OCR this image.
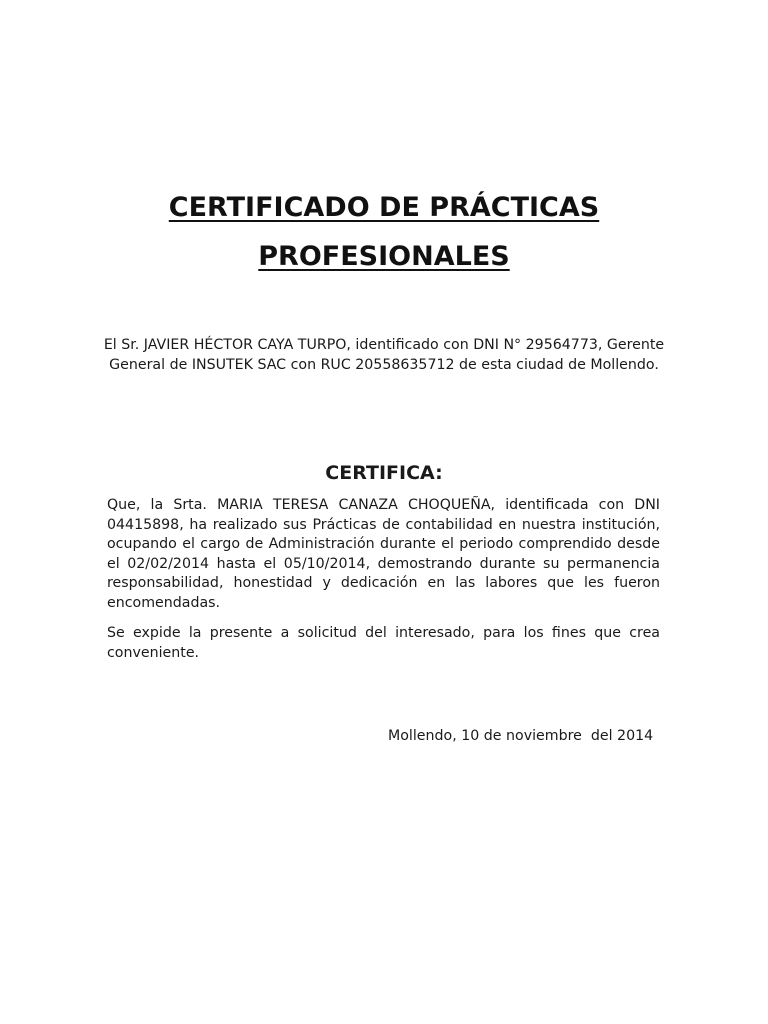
CERTIFICADO DE PRÁCTICAS
PROFESIONALES

El Sr. JAVIER HÉCTOR CAYA TURPO, identificado con DNI N° 29564773, Gerente General de INSUTEK SAC con RUC 20558635712 de esta ciudad de Mollendo.

CERTIFICA:

Que, la Srta. MARIA TERESA CANAZA CHOQUEÑA, identificada con DNI 04415898, ha realizado sus Prácticas de contabilidad en nuestra institución, ocupando el cargo de Administración durante el periodo comprendido desde el 02/02/2014 hasta el 05/10/2014, demostrando durante su permanencia responsabilidad, honestidad y dedicación en las labores que les fueron encomendadas.

Se expide la presente a solicitud del interesado, para los fines que crea conveniente.

Mollendo, 10 de noviembre  del 2014
